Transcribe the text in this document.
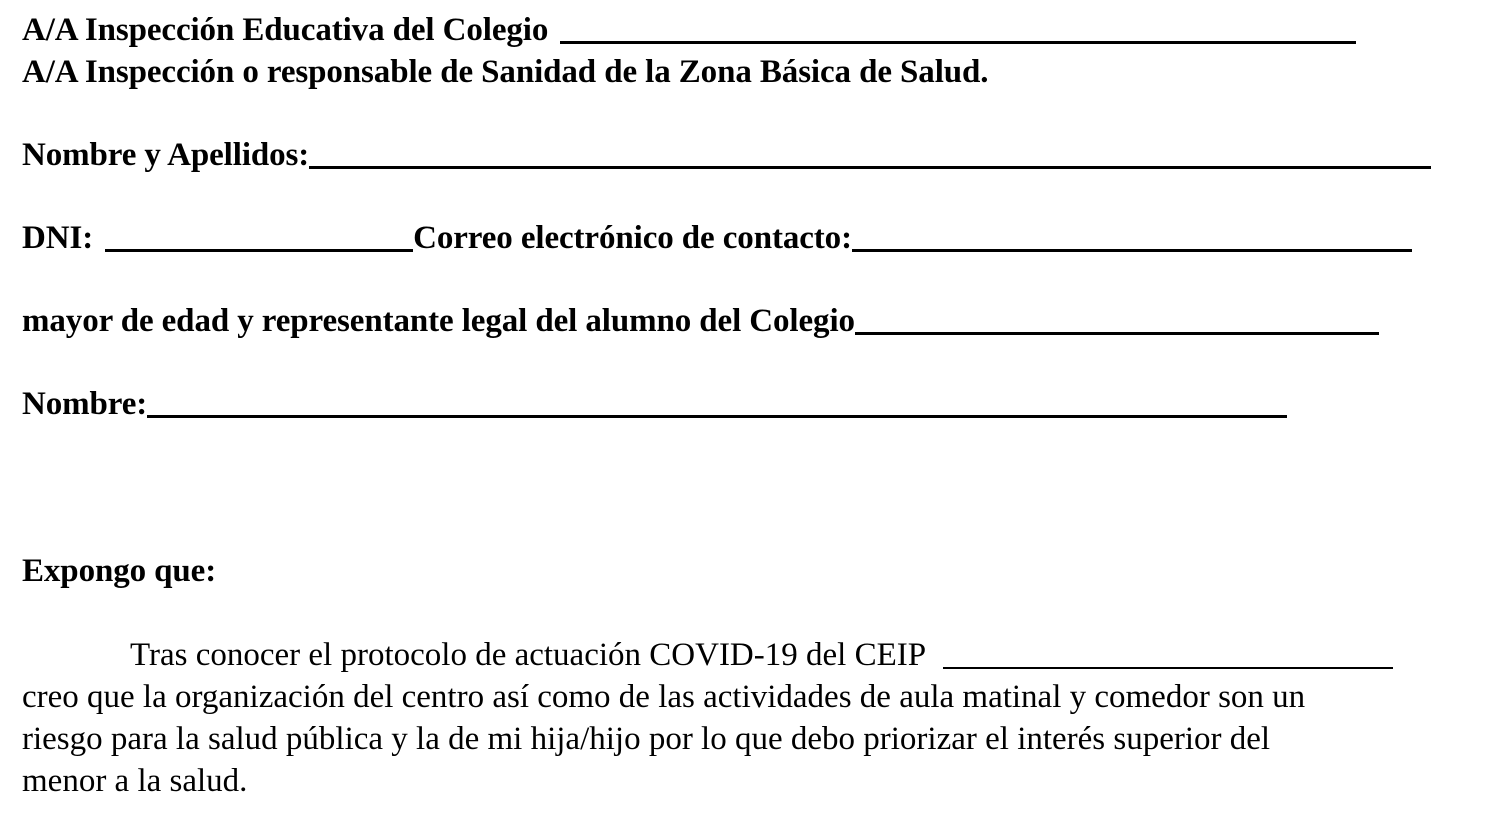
A/A Inspección Educativa del Colegio
A/A Inspección o responsable de Sanidad de la Zona Básica de Salud.
Nombre y Apellidos:
DNI:	Correo electrónico de contacto:
mayor de edad y representante legal del alumno del Colegio
Nombre:
Expongo que:
Tras conocer el protocolo de actuación COVID-19 del CEIP
creo que la organización del centro así como de las actividades de aula matinal y comedor son un
riesgo para la salud pública y la de mi hija/hijo por lo que debo priorizar el interés superior del
menor a la salud.
